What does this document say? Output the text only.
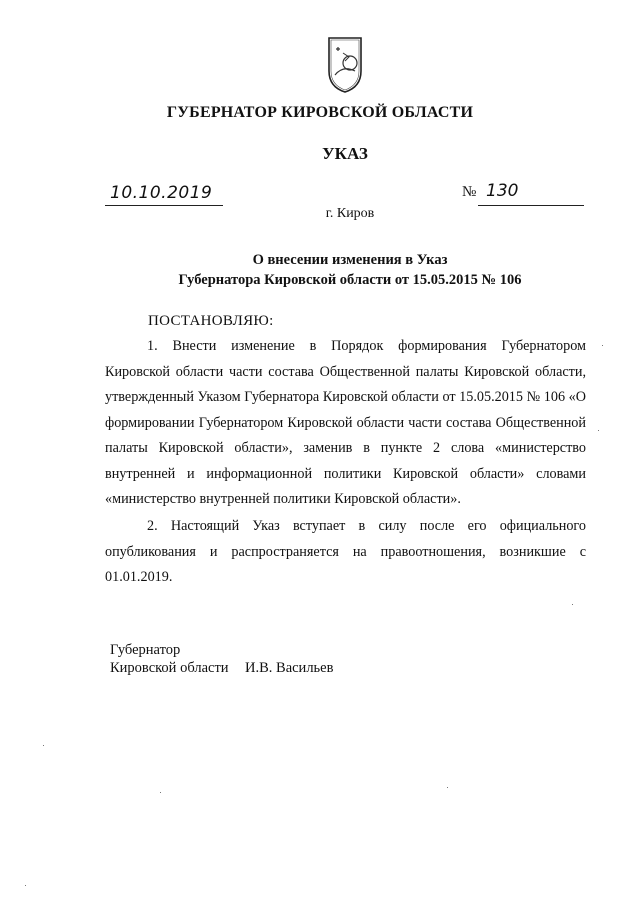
ГУБЕРНАТОР КИРОВСКОЙ ОБЛАСТИ
УКАЗ
10.10.2019	№ 130
г. Киров
О внесении изменения в Указ
Губернатора Кировской области от 15.05.2015 № 106
ПОСТАНОВЛЯЮ:
1. Внести изменение в Порядок формирования Губернатором Кировской области части состава Общественной палаты Кировской области, утвержденный Указом Губернатора Кировской области от 15.05.2015 № 106 «О формировании Губернатором Кировской области части состава Общественной палаты Кировской области», заменив в пункте 2 слова «министерство внутренней и информационной политики Кировской области» словами «министерство внутренней политики Кировской области».
2. Настоящий Указ вступает в силу после его официального опубликования и распространяется на правоотношения, возникшие с 01.01.2019.
Губернатор
Кировской области И.В. Васильев
